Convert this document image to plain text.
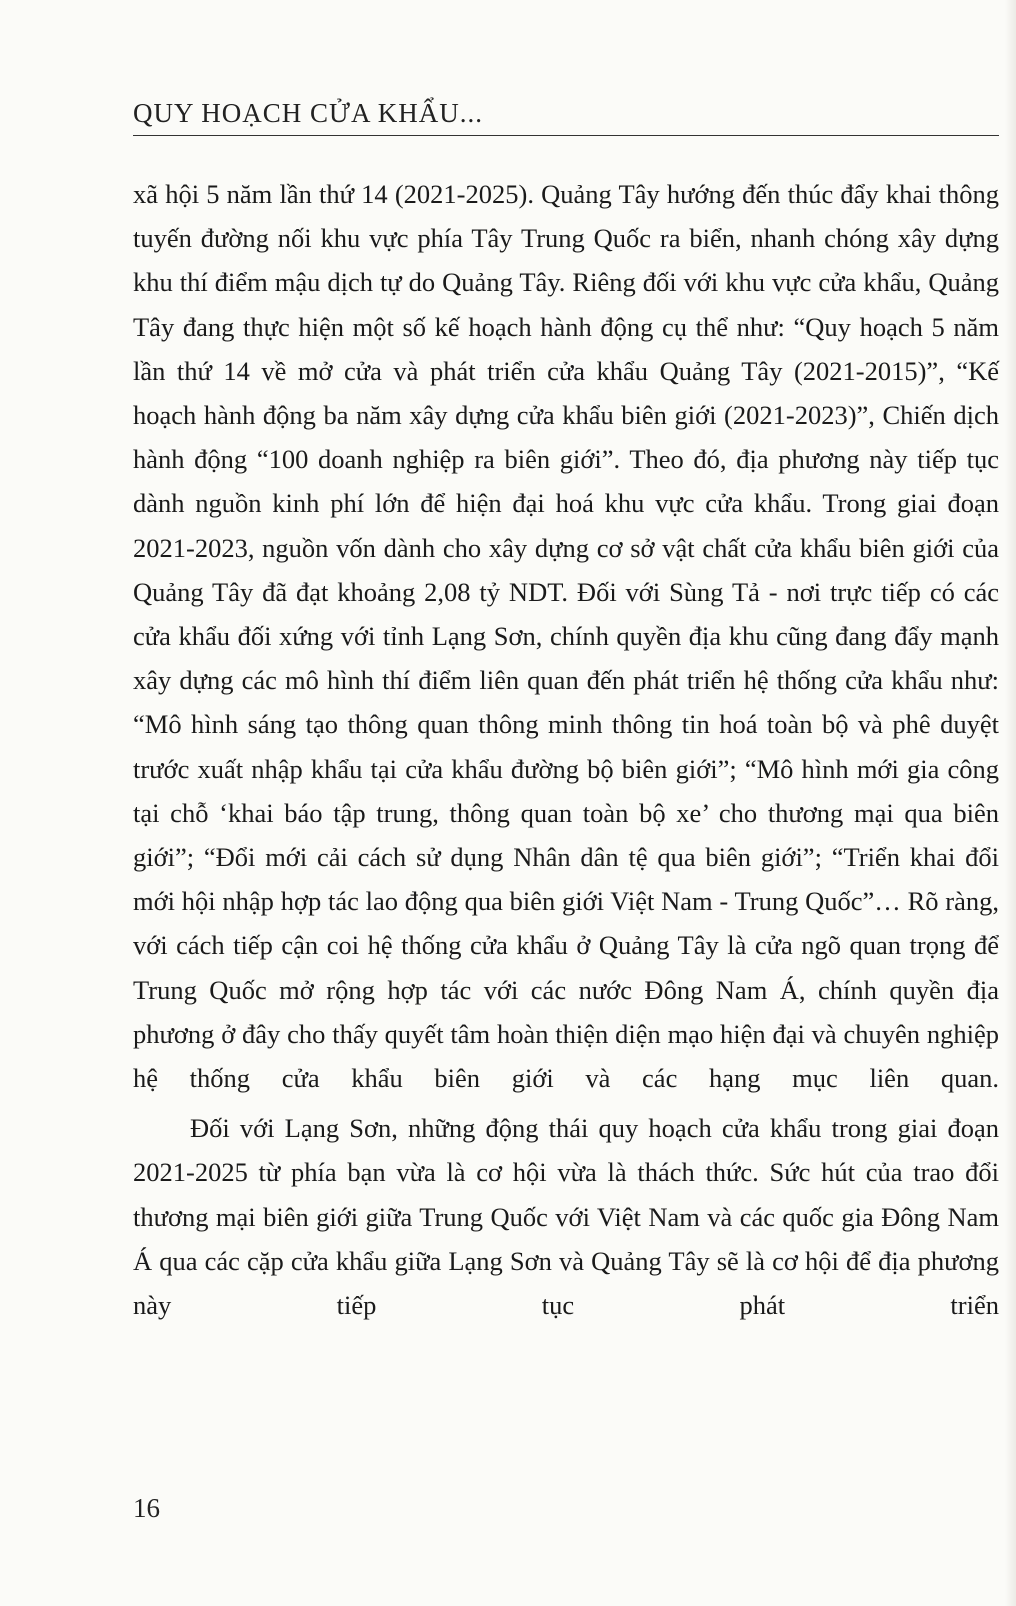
QUY HOẠCH CỬA KHẨU...

xã hội 5 năm lần thứ 14 (2021-2025). Quảng Tây hướng đến thúc đẩy khai thông tuyến đường nối khu vực phía Tây Trung Quốc ra biển, nhanh chóng xây dựng khu thí điểm mậu dịch tự do Quảng Tây. Riêng đối với khu vực cửa khẩu, Quảng Tây đang thực hiện một số kế hoạch hành động cụ thể như: “Quy hoạch 5 năm lần thứ 14 về mở cửa và phát triển cửa khẩu Quảng Tây (2021-2015)”, “Kế hoạch hành động ba năm xây dựng cửa khẩu biên giới (2021-2023)”, Chiến dịch hành động “100 doanh nghiệp ra biên giới”. Theo đó, địa phương này tiếp tục dành nguồn kinh phí lớn để hiện đại hoá khu vực cửa khẩu. Trong giai đoạn 2021-2023, nguồn vốn dành cho xây dựng cơ sở vật chất cửa khẩu biên giới của Quảng Tây đã đạt khoảng 2,08 tỷ NDT. Đối với Sùng Tả - nơi trực tiếp có các cửa khẩu đối xứng với tỉnh Lạng Sơn, chính quyền địa khu cũng đang đẩy mạnh xây dựng các mô hình thí điểm liên quan đến phát triển hệ thống cửa khẩu như: “Mô hình sáng tạo thông quan thông minh thông tin hoá toàn bộ và phê duyệt trước xuất nhập khẩu tại cửa khẩu đường bộ biên giới”; “Mô hình mới gia công tại chỗ ‘khai báo tập trung, thông quan toàn bộ xe’ cho thương mại qua biên giới”; “Đổi mới cải cách sử dụng Nhân dân tệ qua biên giới”; “Triển khai đổi mới hội nhập hợp tác lao động qua biên giới Việt Nam - Trung Quốc”… Rõ ràng, với cách tiếp cận coi hệ thống cửa khẩu ở Quảng Tây là cửa ngõ quan trọng để Trung Quốc mở rộng hợp tác với các nước Đông Nam Á, chính quyền địa phương ở đây cho thấy quyết tâm hoàn thiện diện mạo hiện đại và chuyên nghiệp hệ thống cửa khẩu biên giới và các hạng mục liên quan.

Đối với Lạng Sơn, những động thái quy hoạch cửa khẩu trong giai đoạn 2021-2025 từ phía bạn vừa là cơ hội vừa là thách thức. Sức hút của trao đổi thương mại biên giới giữa Trung Quốc với Việt Nam và các quốc gia Đông Nam Á qua các cặp cửa khẩu giữa Lạng Sơn và Quảng Tây sẽ là cơ hội để địa phương này tiếp tục phát triển

16
